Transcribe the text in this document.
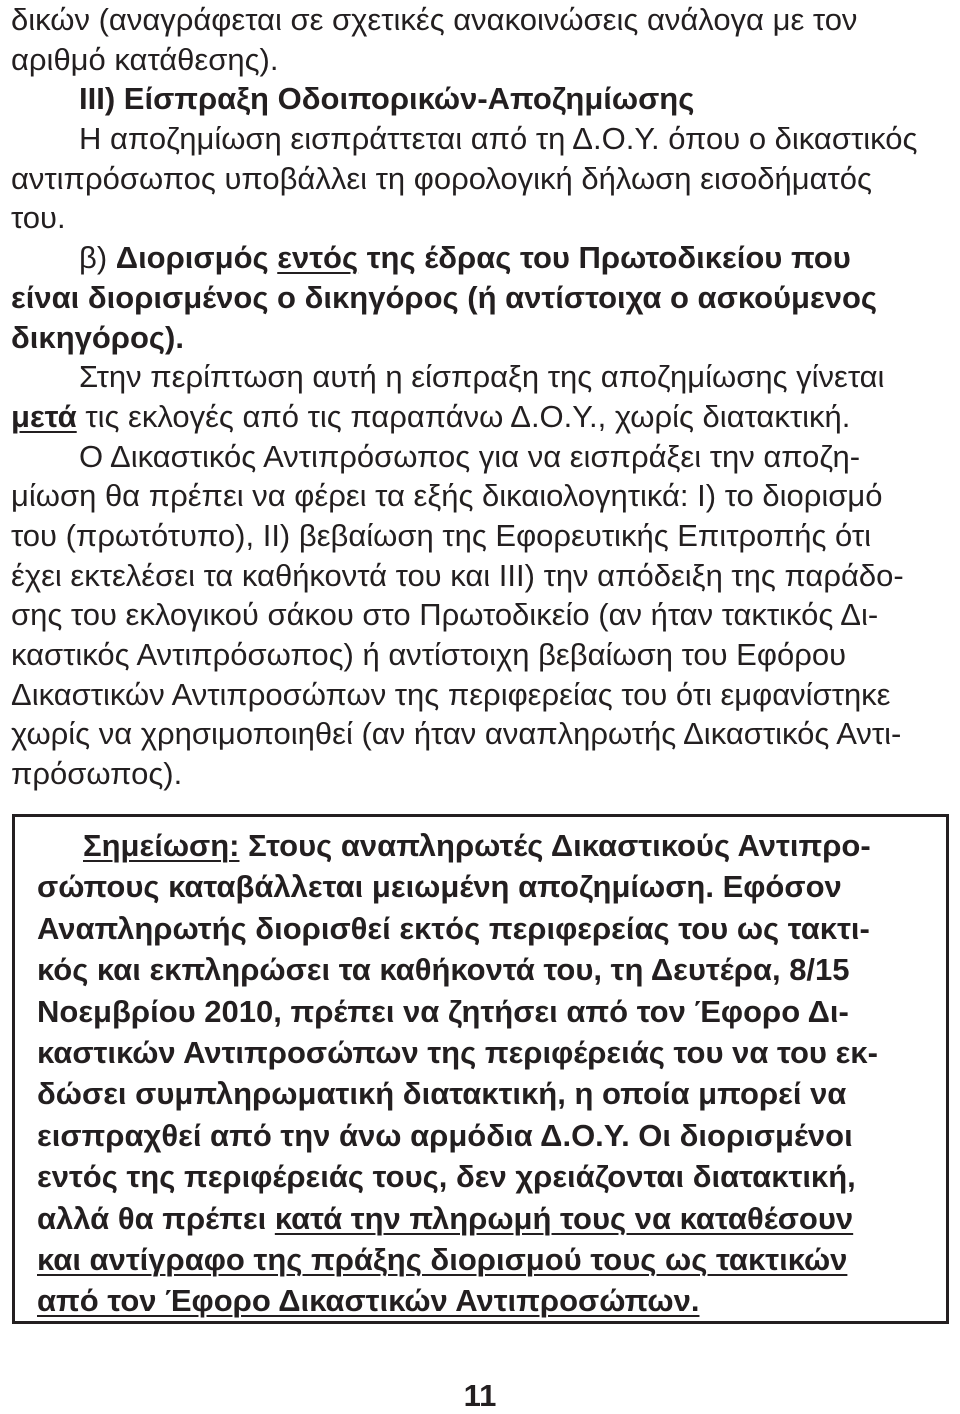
δικών (αναγράφεται σε σχετικές ανακοινώσεις ανάλογα με τον
αριθμό κατάθεσης).
ΙΙΙ) Είσπραξη Οδοιπορικών-Αποζημίωσης
Η αποζημίωση εισπράττεται από τη Δ.Ο.Υ. όπου ο δικαστικός
αντιπρόσωπος υποβάλλει τη φορολογική δήλωση εισοδήματός
του.
β) Διορισμός εντός της έδρας του Πρωτοδικείου που
είναι διορισμένος ο δικηγόρος (ή αντίστοιχα ο ασκούμενος
δικηγόρος).
Στην περίπτωση αυτή η είσπραξη της αποζημίωσης γίνεται
μετά τις εκλογές από τις παραπάνω Δ.Ο.Υ., χωρίς διατακτική.
Ο Δικαστικός Αντιπρόσωπος για να εισπράξει την αποζη-
μίωση θα πρέπει να φέρει τα εξής δικαιολογητικά: Ι) το διορισμό
του (πρωτότυπο), ΙΙ) βεβαίωση της Εφορευτικής Επιτροπής ότι
έχει εκτελέσει τα καθήκοντά του και ΙΙΙ) την απόδειξη της παράδο-
σης του εκλογικού σάκου στο Πρωτοδικείο (αν ήταν τακτικός Δι-
καστικός Αντιπρόσωπος) ή αντίστοιχη βεβαίωση του Εφόρου
Δικαστικών Αντιπροσώπων της περιφερείας του ότι εμφανίστηκε
χωρίς να χρησιμοποιηθεί (αν ήταν αναπληρωτής Δικαστικός Αντι-
πρόσωπος).
Σημείωση: Στους αναπληρωτές Δικαστικούς Αντιπρο-
σώπους καταβάλλεται μειωμένη αποζημίωση. Εφόσον
Αναπληρωτής διορισθεί εκτός περιφερείας του ως τακτι-
κός και εκπληρώσει τα καθήκοντά του, τη Δευτέρα, 8/15
Νοεμβρίου 2010, πρέπει να ζητήσει από τον Έφορο Δι-
καστικών Αντιπροσώπων της περιφέρειάς του να του εκ-
δώσει συμπληρωματική διατακτική, η οποία μπορεί να
εισπραχθεί από την άνω αρμόδια Δ.Ο.Υ. Οι διορισμένοι
εντός της περιφέρειάς τους, δεν χρειάζονται διατακτική,
αλλά θα πρέπει κατά την πληρωμή τους να καταθέσουν
και αντίγραφο της πράξης διορισμού τους ως τακτικών
από τον Έφορο Δικαστικών Αντιπροσώπων.
11
